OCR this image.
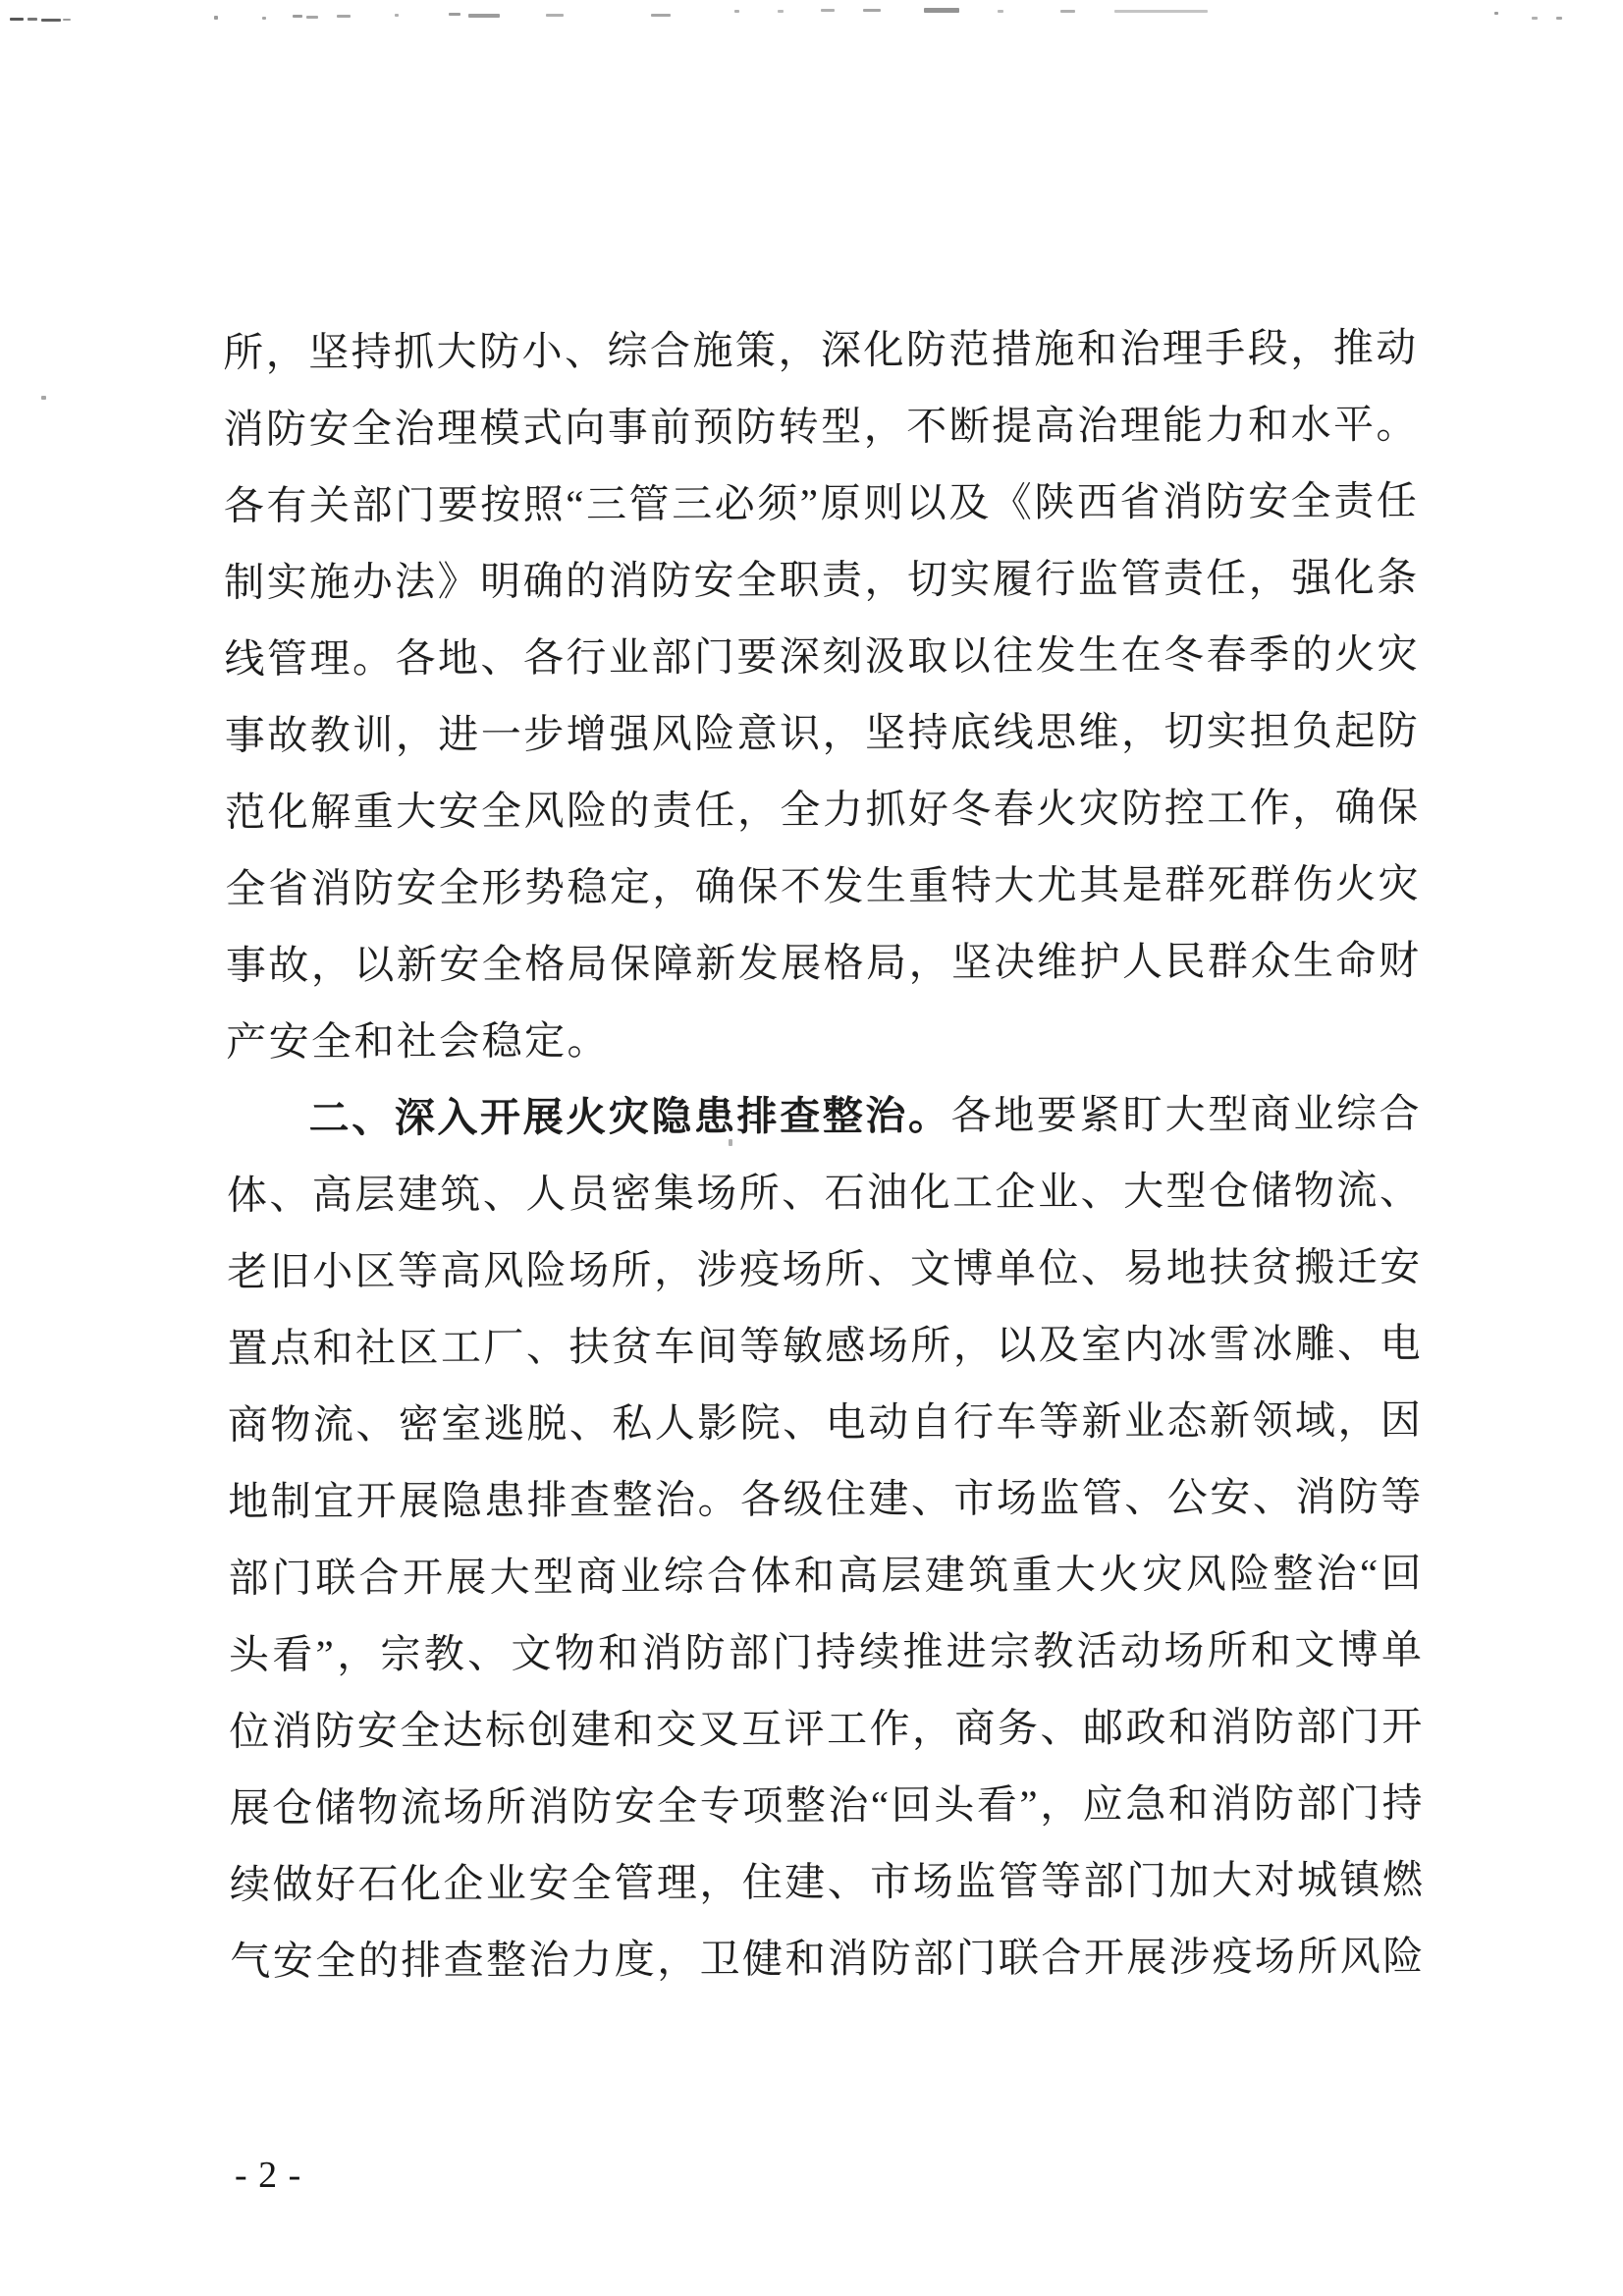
所，坚持抓大防小、综合施策，深化防范措施和治理手段，推动
消防安全治理模式向事前预防转型，不断提高治理能力和水平。
各有关部门要按照“三管三必须”原则以及《陕西省消防安全责任
制实施办法》明确的消防安全职责，切实履行监管责任，强化条
线管理。各地、各行业部门要深刻汲取以往发生在冬春季的火灾
事故教训，进一步增强风险意识，坚持底线思维，切实担负起防
范化解重大安全风险的责任，全力抓好冬春火灾防控工作，确保
全省消防安全形势稳定，确保不发生重特大尤其是群死群伤火灾
事故，以新安全格局保障新发展格局，坚决维护人民群众生命财
产安全和社会稳定。
二、深入开展火灾隐患排查整治。各地要紧盯大型商业综合
体、高层建筑、人员密集场所、石油化工企业、大型仓储物流、
老旧小区等高风险场所，涉疫场所、文博单位、易地扶贫搬迁安
置点和社区工厂、扶贫车间等敏感场所，以及室内冰雪冰雕、电
商物流、密室逃脱、私人影院、电动自行车等新业态新领域，因
地制宜开展隐患排查整治。各级住建、市场监管、公安、消防等
部门联合开展大型商业综合体和高层建筑重大火灾风险整治“回
头看”，宗教、文物和消防部门持续推进宗教活动场所和文博单
位消防安全达标创建和交叉互评工作，商务、邮政和消防部门开
展仓储物流场所消防安全专项整治“回头看”，应急和消防部门持
续做好石化企业安全管理，住建、市场监管等部门加大对城镇燃
气安全的排查整治力度，卫健和消防部门联合开展涉疫场所风险
- 2 -
